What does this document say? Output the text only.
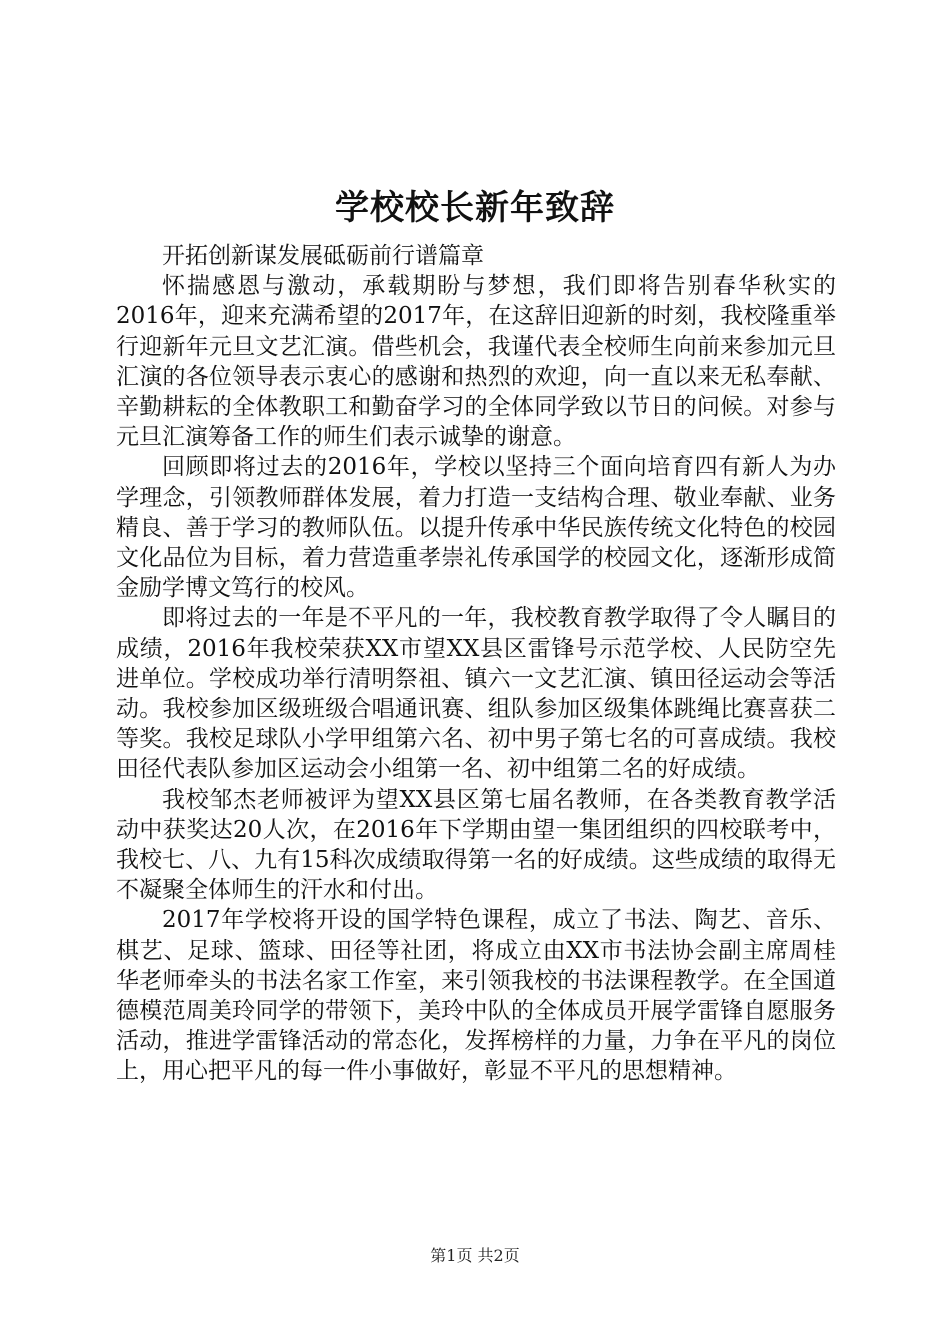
学校校长新年致辞

开拓创新谋发展砥砺前行谱篇章

怀揣感恩与激动，承载期盼与梦想，我们即将告别春华秋实的2016年，迎来充满希望的2017年，在这辞旧迎新的时刻，我校隆重举行迎新年元旦文艺汇演。借些机会，我谨代表全校师生向前来参加元旦汇演的各位领导表示衷心的感谢和热烈的欢迎，向一直以来无私奉献、辛勤耕耘的全体教职工和勤奋学习的全体同学致以节日的问候。对参与元旦汇演筹备工作的师生们表示诚挚的谢意。

回顾即将过去的2016年，学校以坚持三个面向培育四有新人为办学理念，引领教师群体发展，着力打造一支结构合理、敬业奉献、业务精良、善于学习的教师队伍。以提升传承中华民族传统文化特色的校园文化品位为目标，着力营造重孝崇礼传承国学的校园文化，逐渐形成简金励学博文笃行的校风。

即将过去的一年是不平凡的一年，我校教育教学取得了令人瞩目的成绩，2016年我校荣获XX市望XX县区雷锋号示范学校、人民防空先进单位。学校成功举行清明祭祖、镇六一文艺汇演、镇田径运动会等活动。我校参加区级班级合唱通讯赛、组队参加区级集体跳绳比赛喜获二等奖。我校足球队小学甲组第六名、初中男子第七名的可喜成绩。我校田径代表队参加区运动会小组第一名、初中组第二名的好成绩。

我校邹杰老师被评为望XX县区第七届名教师，在各类教育教学活动中获奖达20人次，在2016年下学期由望一集团组织的四校联考中，我校七、八、九有15科次成绩取得第一名的好成绩。这些成绩的取得无不凝聚全体师生的汗水和付出。

2017年学校将开设的国学特色课程，成立了书法、陶艺、音乐、棋艺、足球、篮球、田径等社团，将成立由XX市书法协会副主席周桂华老师牵头的书法名家工作室，来引领我校的书法课程教学。在全国道德模范周美玲同学的带领下，美玲中队的全体成员开展学雷锋自愿服务活动，推进学雷锋活动的常态化，发挥榜样的力量，力争在平凡的岗位上，用心把平凡的每一件小事做好，彰显不平凡的思想精神。

第1页 共2页
